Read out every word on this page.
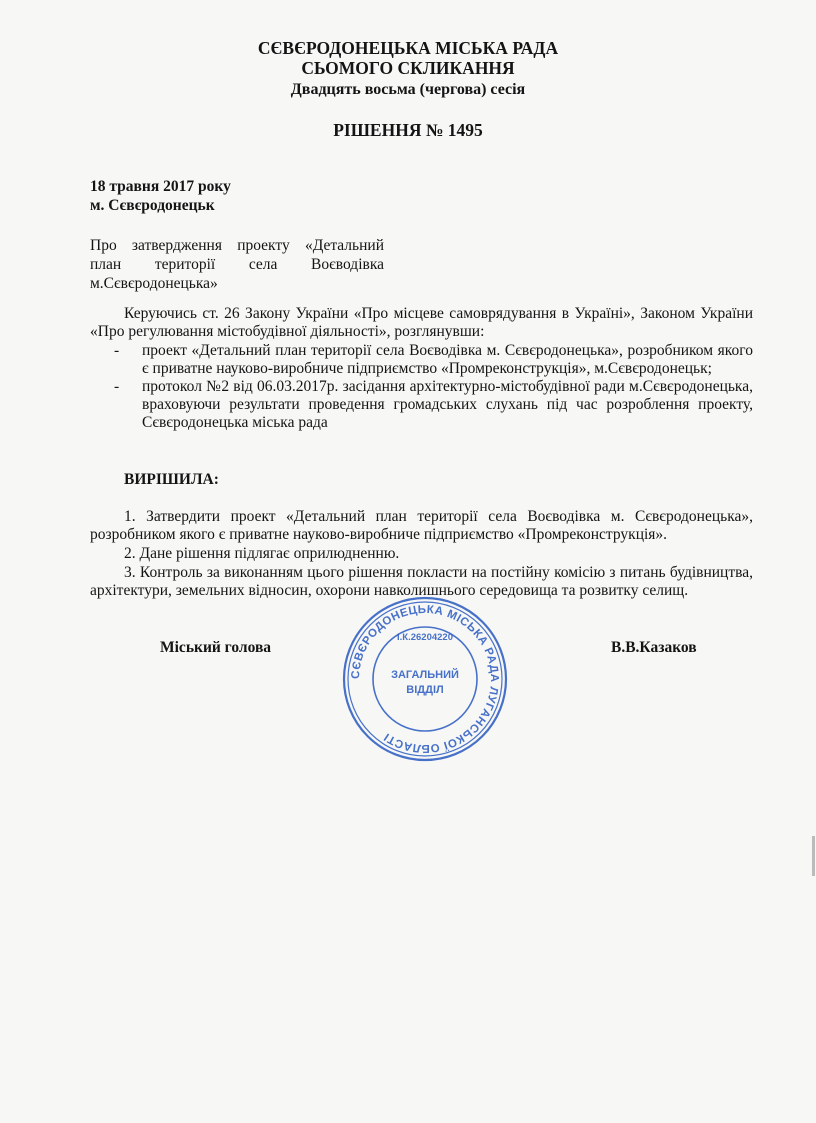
СЄВЄРОДОНЕЦЬКА МІСЬКА РАДА
СЬОМОГО СКЛИКАННЯ
Двадцять восьма (чергова) сесія
РІШЕННЯ № 1495
18 травня 2017 року
м. Сєвєродонецьк
Про затвердження проекту «Детальний
план території села Воєводівка
м.Сєвєродонецька»
Керуючись ст. 26 Закону України «Про місцеве самоврядування в Україні», Законом України «Про регулювання містобудівної діяльності», розглянувши:

- проект «Детальний план території села Воєводівка м. Сєвєродонецька», розробником якого є приватне науково-виробниче підприємство «Промреконструкція», м.Сєвєродонецьк;

- протокол №2 від 06.03.2017р. засідання архітектурно-містобудівної ради м.Сєвєродонецька, враховуючи результати проведення громадських слухань під час розроблення проекту, Сєвєродонецька міська рада

ВИРІШИЛА:
1. Затвердити проект «Детальний план території села Воєводівка м. Сєвєродонецька», розробником якого є приватне науково-виробниче підприємство «Промреконструкція».
2. Дане рішення підлягає оприлюдненню.
3. Контроль за виконанням цього рішення покласти на постійну комісію з питань будівництва, архітектури, земельних відносин, охорони навколишнього середовища та розвитку селищ.
Міський голова	В.В.Казаков
СЄВЄРОДОНЕЦЬКА МІСЬКА РАДА ЛУГАНСЬКОЇ ОБЛАСТІ
І.К.26204220
ЗАГАЛЬНИЙ
ВІДДІЛ
